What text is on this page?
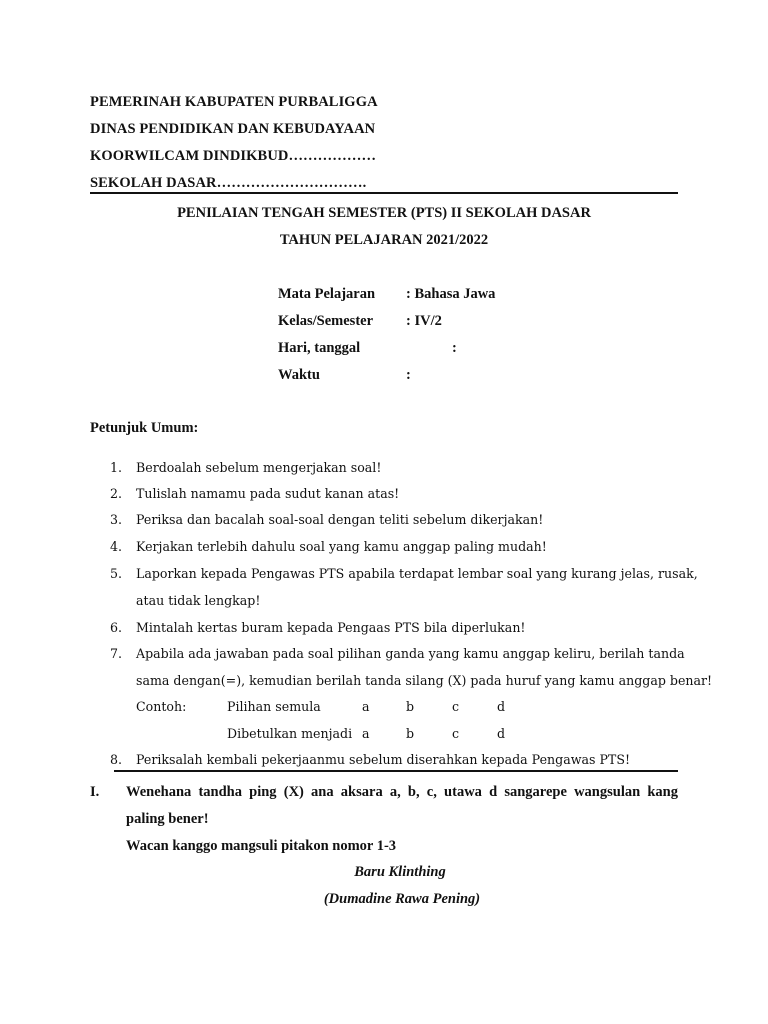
PEMERINAH KABUPATEN PURBALIGGA
DINAS PENDIDIKAN DAN KEBUDAYAAN
KOORWILCAM DINDIKBUD………………
SEKOLAH DASAR………………………….
PENILAIAN TENGAH SEMESTER (PTS) II SEKOLAH DASAR
TAHUN PELAJARAN 2021/2022
Mata Pelajaran : Bahasa Jawa
Kelas/Semester : IV/2
Hari, tanggal	:
Waktu	:
Petunjuk Umum:
1. Berdoalah sebelum mengerjakan soal!
2. Tulislah namamu pada sudut kanan atas!
3. Periksa dan bacalah soal-soal dengan teliti sebelum dikerjakan!
4. Kerjakan terlebih dahulu soal yang kamu anggap paling mudah!
5. Laporkan kepada Pengawas PTS apabila terdapat lembar soal yang kurang jelas, rusak,
atau tidak lengkap!
6. Mintalah kertas buram kepada Pengaas PTS bila diperlukan!
7. Apabila ada jawaban pada soal pilihan ganda yang kamu anggap keliru, berilah tanda
sama dengan(=), kemudian berilah tanda silang (X) pada huruf yang kamu anggap benar!
Contoh:	Pilihan semula	a	b	c	d
Dibetulkan menjadi a	b	c	d
8. Periksalah kembali pekerjaanmu sebelum diserahkan kepada Pengawas PTS!
I. Wenehana tandha ping (X) ana aksara a, b, c, utawa d sangarepe wangsulan kang
paling bener!
Wacan kanggo mangsuli pitakon nomor 1-3
Baru Klinthing
(Dumadine Rawa Pening)
